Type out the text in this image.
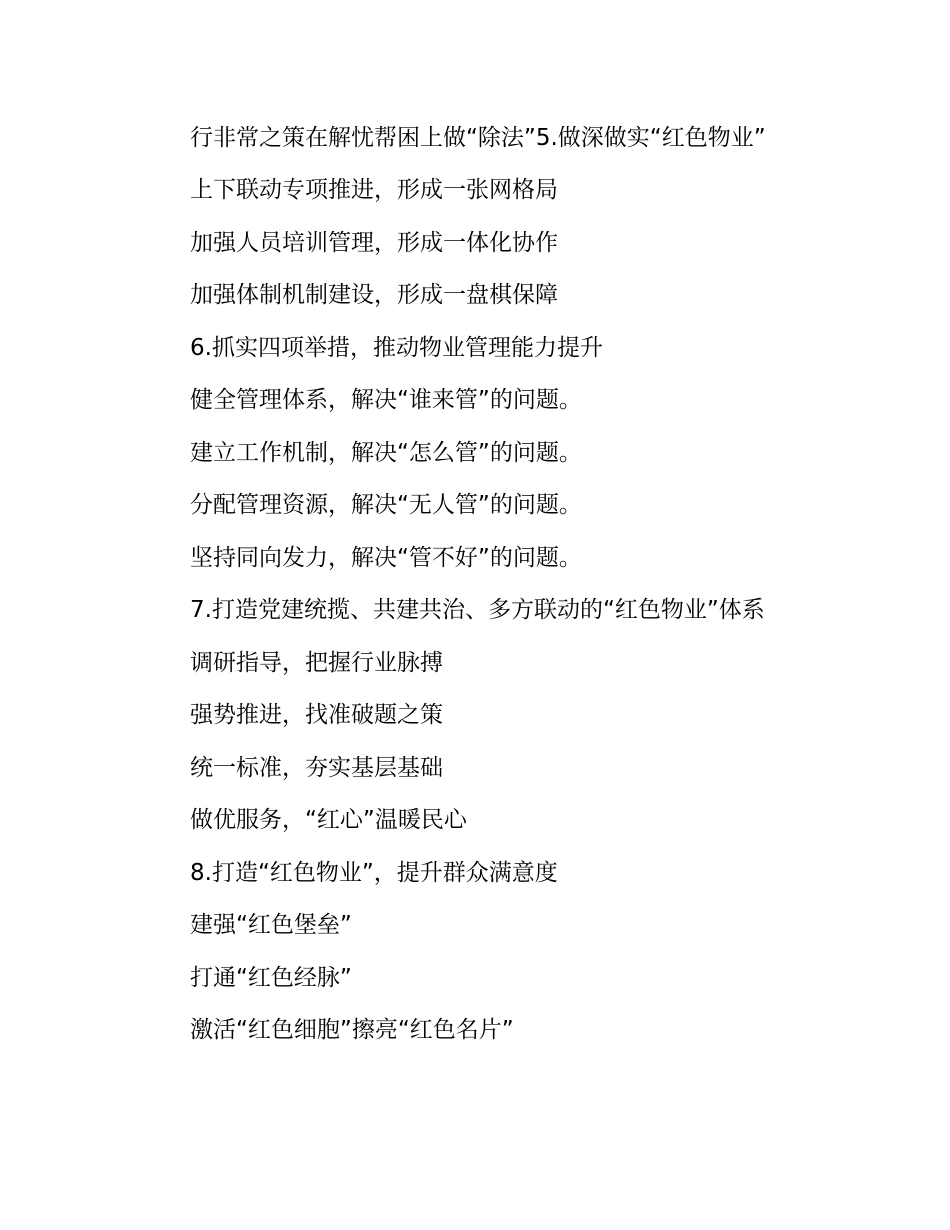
行非常之策在解忧帮困上做“除法”5.做深做实“红色物业”

上下联动专项推进，形成一张网格局

加强人员培训管理，形成一体化协作

加强体制机制建设，形成一盘棋保障

6.抓实四项举措，推动物业管理能力提升

健全管理体系，解决“谁来管”的问题。

建立工作机制，解决“怎么管”的问题。

分配管理资源，解决“无人管”的问题。

坚持同向发力，解决“管不好”的问题。

7.打造党建统揽、共建共治、多方联动的“红色物业”体系

调研指导，把握行业脉搏

强势推进，找准破题之策

统一标准，夯实基层基础

做优服务，“红心”温暖民心

8.打造“红色物业”，提升群众满意度

建强“红色堡垒”

打通“红色经脉”

激活“红色细胞”擦亮“红色名片”
